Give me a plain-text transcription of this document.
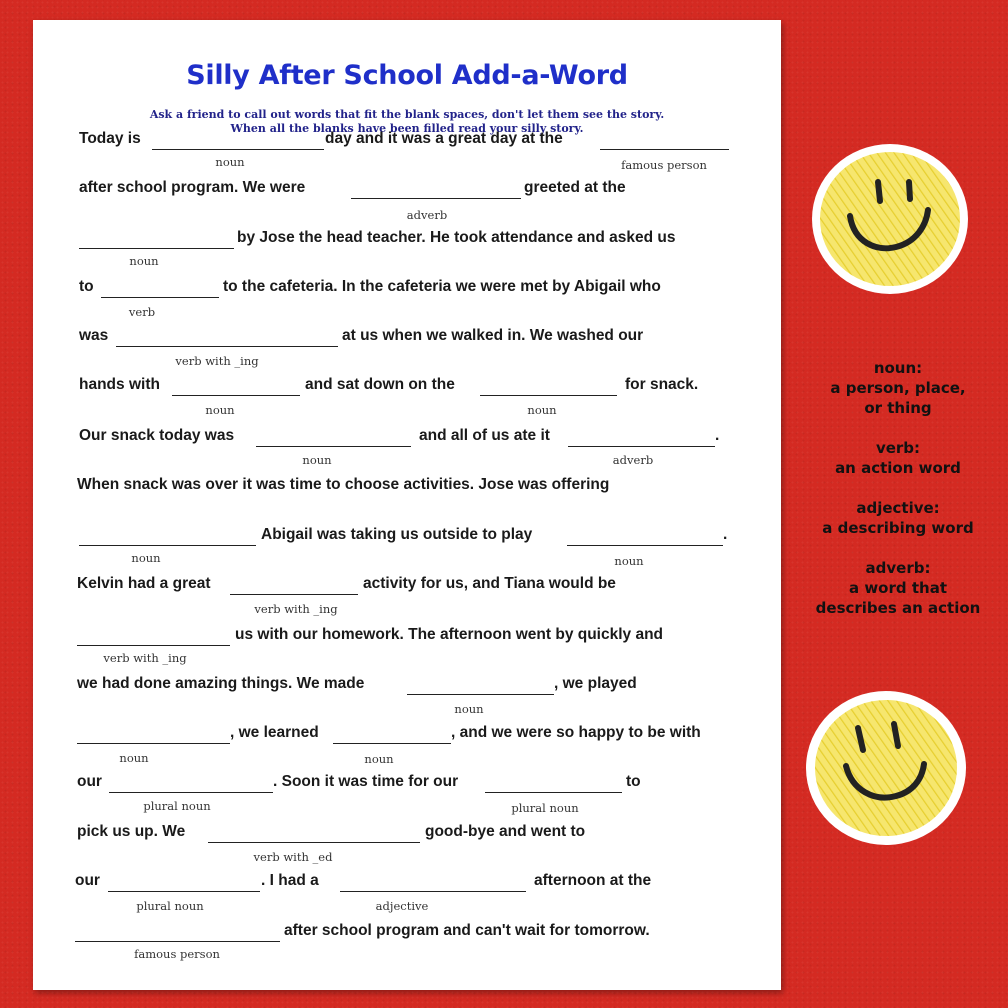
Silly After School Add-a-Word

Ask a friend to call out words that fit the blank spaces, don't let them see the story.

When all the blanks have been filled read your silly story.

Today is
noun
day and it was a great day at the
famous person
after school program. We were
adverb
greeted at the
noun
by Jose the head teacher. He took attendance and asked us
to
verb
to the cafeteria. In the cafeteria we were met by Abigail who
was
verb with _ing
at us when we walked in. We washed our
hands with
noun
and sat down on the
noun
for snack.
Our snack today was
noun
and all of us ate it
adverb
.
When snack was over it was time to choose activities. Jose was offering
noun
Abigail was taking us outside to play
noun
.
Kelvin had a great
verb with _ing
activity for us, and Tiana would be
verb with _ing
us with our homework. The afternoon went by quickly and
we had done amazing things. We made
noun
, we played
noun
, we learned
noun
, and we were so happy to be with
our
plural noun
. Soon it was time for our
plural noun
to
pick us up. We
verb with _ed
good-bye and went to
our
plural noun
. I had a
adjective
afternoon at the
famous person
after school program and can't wait for tomorrow.
noun:
a person, place,
or thing
verb:
an action word
adjective:
a describing word
adverb:
a word that
describes an action
